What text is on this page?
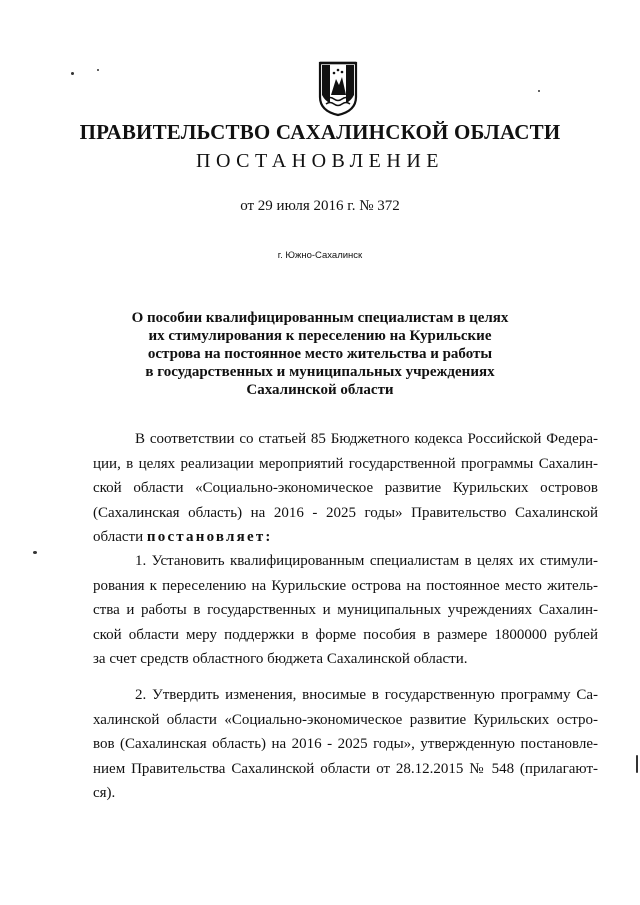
ПРАВИТЕЛЬСТВО САХАЛИНСКОЙ ОБЛАСТИ
ПОСТАНОВЛЕНИЕ
от 29 июля 2016 г. № 372
г. Южно-Сахалинск
О пособии квалифицированным специалистам в целях
их стимулирования к переселению на Курильские
острова на постоянное место жительства и работы
в государственных и муниципальных учреждениях
Сахалинской области
В соответствии со статьей 85 Бюджетного кодекса Российской Федера-
ции, в целях реализации мероприятий государственной программы Сахалин-
ской области «Социально-экономическое развитие Курильских островов
(Сахалинская область) на 2016 - 2025 годы» Правительство Сахалинской
области постановляет:
1. Установить квалифицированным специалистам в целях их стимули-
рования к переселению на Курильские острова на постоянное место житель-
ства и работы в государственных и муниципальных учреждениях Сахалин-
ской области меру поддержки в форме пособия в размере 1800000 рублей
за счет средств областного бюджета Сахалинской области.
2. Утвердить изменения, вносимые в государственную программу Са-
халинской области «Социально-экономическое развитие Курильских остро-
вов (Сахалинская область) на 2016 - 2025 годы», утвержденную постановле-
нием Правительства Сахалинской области от 28.12.2015 № 548 (прилагают-
ся).
